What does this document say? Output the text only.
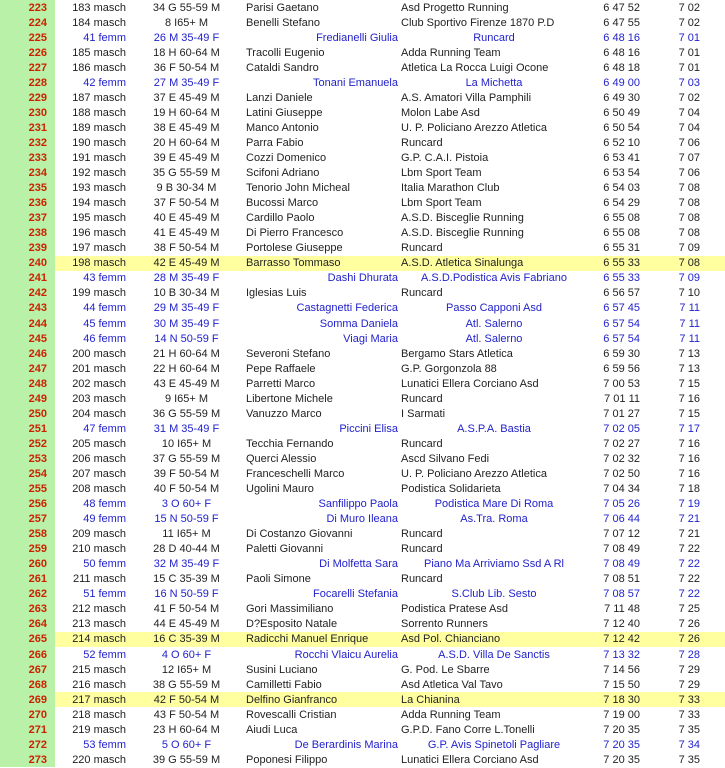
223	183 masch	34 G 55-59 M	Parisi Gaetano	Asd Progetto Running	6 47 52	7 02
224	184 masch	8 I65+ M	Benelli Stefano	Club Sportivo Firenze 1870 P.D	6 47 55	7 02
225	41 femm	26 M 35-49 F	Fredianelli Giulia	Runcard	6 48 16	7 01
226	185 masch	18 H 60-64 M	Tracolli Eugenio	Adda Running Team	6 48 16	7 01
227	186 masch	36 F 50-54 M	Cataldi Sandro	Atletica La Rocca Luigi Ocone	6 48 18	7 01
228	42 femm	27 M 35-49 F	Tonani Emanuela	La Michetta	6 49 00	7 03
229	187 masch	37 E 45-49 M	Lanzi Daniele	A.S. Amatori Villa Pamphili	6 49 30	7 02
230	188 masch	19 H 60-64 M	Latini Giuseppe	Molon Labe Asd	6 50 49	7 04
231	189 masch	38 E 45-49 M	Manco Antonio	U. P. Policiano Arezzo Atletica	6 50 54	7 04
232	190 masch	20 H 60-64 M	Parra Fabio	Runcard	6 52 10	7 06
233	191 masch	39 E 45-49 M	Cozzi Domenico	G.P. C.A.I. Pistoia	6 53 41	7 07
234	192 masch	35 G 55-59 M	Scifoni Adriano	Lbm Sport Team	6 53 54	7 06
235	193 masch	9 B 30-34 M	Tenorio John Micheal	Italia Marathon Club	6 54 03	7 08
236	194 masch	37 F 50-54 M	Bucossi Marco	Lbm Sport Team	6 54 29	7 08
237	195 masch	40 E 45-49 M	Cardillo Paolo	A.S.D. Bisceglie Running	6 55 08	7 08
238	196 masch	41 E 45-49 M	Di Pierro Francesco	A.S.D. Bisceglie Running	6 55 08	7 08
239	197 masch	38 F 50-54 M	Portolese Giuseppe	Runcard	6 55 31	7 09
240	198 masch	42 E 45-49 M	Barrasso Tommaso	A.S.D. Atletica Sinalunga	6 55 33	7 08
241	43 femm	28 M 35-49 F	Dashi Dhurata	A.S.D.Podistica Avis Fabriano	6 55 33	7 09
242	199 masch	10 B 30-34 M	Iglesias Luis	Runcard	6 56 57	7 10
243	44 femm	29 M 35-49 F	Castagnetti Federica	Passo Capponi Asd	6 57 45	7 11
244	45 femm	30 M 35-49 F	Somma Daniela	Atl. Salerno	6 57 54	7 11
245	46 femm	14 N 50-59 F	Viagi Maria	Atl. Salerno	6 57 54	7 11
246	200 masch	21 H 60-64 M	Severoni Stefano	Bergamo Stars Atletica	6 59 30	7 13
247	201 masch	22 H 60-64 M	Pepe Raffaele	G.P. Gorgonzola 88	6 59 56	7 13
248	202 masch	43 E 45-49 M	Parretti Marco	Lunatici Ellera Corciano Asd	7 00 53	7 15
249	203 masch	9 I65+ M	Libertone Michele	Runcard	7 01 11	7 16
250	204 masch	36 G 55-59 M	Vanuzzo Marco	I Sarmati	7 01 27	7 15
251	47 femm	31 M 35-49 F	Piccini Elisa	A.S.P.A. Bastia	7 02 05	7 17
252	205 masch	10 I65+ M	Tecchia Fernando	Runcard	7 02 27	7 16
253	206 masch	37 G 55-59 M	Querci Alessio	Ascd Silvano Fedi	7 02 32	7 16
254	207 masch	39 F 50-54 M	Franceschelli Marco	U. P. Policiano Arezzo Atletica	7 02 50	7 16
255	208 masch	40 F 50-54 M	Ugolini Mauro	Podistica Solidarieta	7 04 34	7 18
256	48 femm	3 O 60+ F	Sanfilippo Paola	Podistica Mare Di Roma	7 05 26	7 19
257	49 femm	15 N 50-59 F	Di Muro Ileana	As.Tra. Roma	7 06 44	7 21
258	209 masch	11 I65+ M	Di Costanzo Giovanni	Runcard	7 07 12	7 21
259	210 masch	28 D 40-44 M	Paletti Giovanni	Runcard	7 08 49	7 22
260	50 femm	32 M 35-49 F	Di Molfetta Sara	Piano Ma Arriviamo Ssd A Rl	7 08 49	7 22
261	211 masch	15 C 35-39 M	Paoli Simone	Runcard	7 08 51	7 22
262	51 femm	16 N 50-59 F	Focarelli Stefania	S.Club Lib. Sesto	7 08 57	7 22
263	212 masch	41 F 50-54 M	Gori Massimiliano	Podistica Pratese Asd	7 11 48	7 25
264	213 masch	44 E 45-49 M	D?Esposito Natale	Sorrento Runners	7 12 40	7 26
265	214 masch	16 C 35-39 M	Radicchi Manuel Enrique	Asd Pol. Chianciano	7 12 42	7 26
266	52 femm	4 O 60+ F	Rocchi Vlaicu Aurelia	A.S.D. Villa De Sanctis	7 13 32	7 28
267	215 masch	12 I65+ M	Susini Luciano	G. Pod. Le Sbarre	7 14 56	7 29
268	216 masch	38 G 55-59 M	Camilletti Fabio	Asd Atletica Val Tavo	7 15 50	7 29
269	217 masch	42 F 50-54 M	Delfino Gianfranco	La Chianina	7 18 30	7 33
270	218 masch	43 F 50-54 M	Rovescalli Cristian	Adda Running Team	7 19 00	7 33
271	219 masch	23 H 60-64 M	Aiudi Luca	G.P.D. Fano Corre L.Tonelli	7 20 35	7 35
272	53 femm	5 O 60+ F	De Berardinis Marina	G.P. Avis Spinetoli Pagliare	7 20 35	7 34
273	220 masch	39 G 55-59 M	Poponesi Filippo	Lunatici Ellera Corciano Asd	7 20 35	7 35
